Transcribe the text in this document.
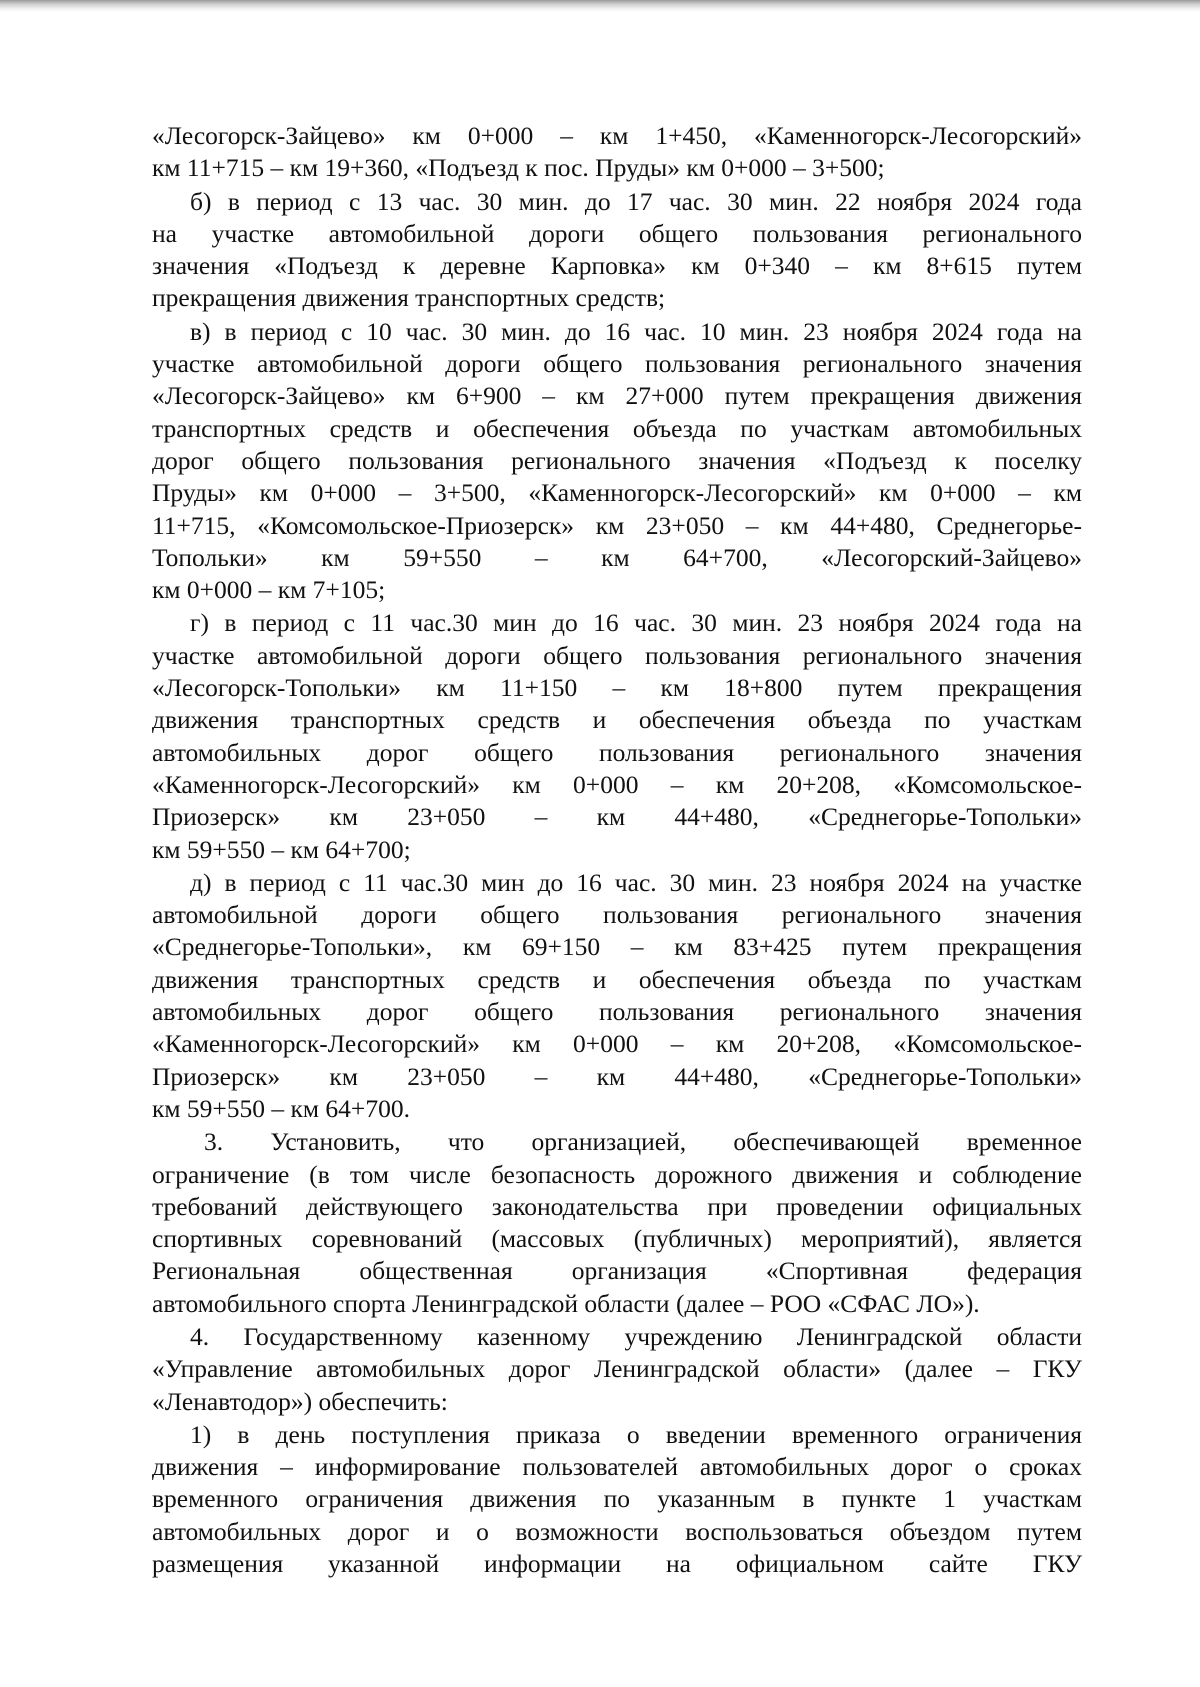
«Лесогорск-Зайцево» км 0+000 – км 1+450, «Каменногорск-Лесогорский»
км 11+715 – км 19+360, «Подъезд к пос. Пруды» км 0+000 – 3+500;
б) в период с 13 час. 30 мин. до 17 час. 30 мин. 22 ноября 2024 года
на участке автомобильной дороги общего пользования регионального
значения «Подъезд к деревне Карповка» км 0+340 – км 8+615 путем
прекращения движения транспортных средств;
в) в период с 10 час. 30 мин. до 16 час. 10 мин. 23 ноября 2024 года на
участке автомобильной дороги общего пользования регионального значения
«Лесогорск-Зайцево» км 6+900 – км 27+000 путем прекращения движения
транспортных средств и обеспечения объезда по участкам автомобильных
дорог общего пользования регионального значения «Подъезд к поселку
Пруды» км 0+000 – 3+500, «Каменногорск-Лесогорский» км 0+000 – км
11+715, «Комсомольское-Приозерск» км 23+050 – км 44+480, Среднегорье-
Топольки» км 59+550 – км 64+700, «Лесогорский-Зайцево»
км 0+000 – км 7+105;
г) в период с 11 час.30 мин до 16 час. 30 мин. 23 ноября 2024 года на
участке автомобильной дороги общего пользования регионального значения
«Лесогорск-Топольки» км 11+150 – км 18+800 путем прекращения
движения транспортных средств и обеспечения объезда по участкам
автомобильных дорог общего пользования регионального значения
«Каменногорск-Лесогорский» км 0+000 – км 20+208, «Комсомольское-
Приозерск» км 23+050 – км 44+480, «Среднегорье-Топольки»
км 59+550 – км 64+700;
д) в период с 11 час.30 мин до 16 час. 30 мин. 23 ноября 2024 на участке
автомобильной дороги общего пользования регионального значения
«Среднегорье-Топольки», км 69+150 – км 83+425 путем прекращения
движения транспортных средств и обеспечения объезда по участкам
автомобильных дорог общего пользования регионального значения
«Каменногорск-Лесогорский» км 0+000 – км 20+208, «Комсомольское-
Приозерск» км 23+050 – км 44+480, «Среднегорье-Топольки»
км 59+550 – км 64+700.
3. Установить, что организацией, обеспечивающей временное
ограничение (в том числе безопасность дорожного движения и соблюдение
требований действующего законодательства при проведении официальных
спортивных соревнований (массовых (публичных) мероприятий), является
Региональная общественная организация «Спортивная федерация
автомобильного спорта Ленинградской области (далее – РОО «СФАС ЛО»).
4. Государственному казенному учреждению Ленинградской области
«Управление автомобильных дорог Ленинградской области» (далее – ГКУ
«Ленавтодор») обеспечить:
1) в день поступления приказа о введении временного ограничения
движения – информирование пользователей автомобильных дорог о сроках
временного ограничения движения по указанным в пункте 1 участкам
автомобильных дорог и о возможности воспользоваться объездом путем
размещения указанной информации на официальном сайте ГКУ
